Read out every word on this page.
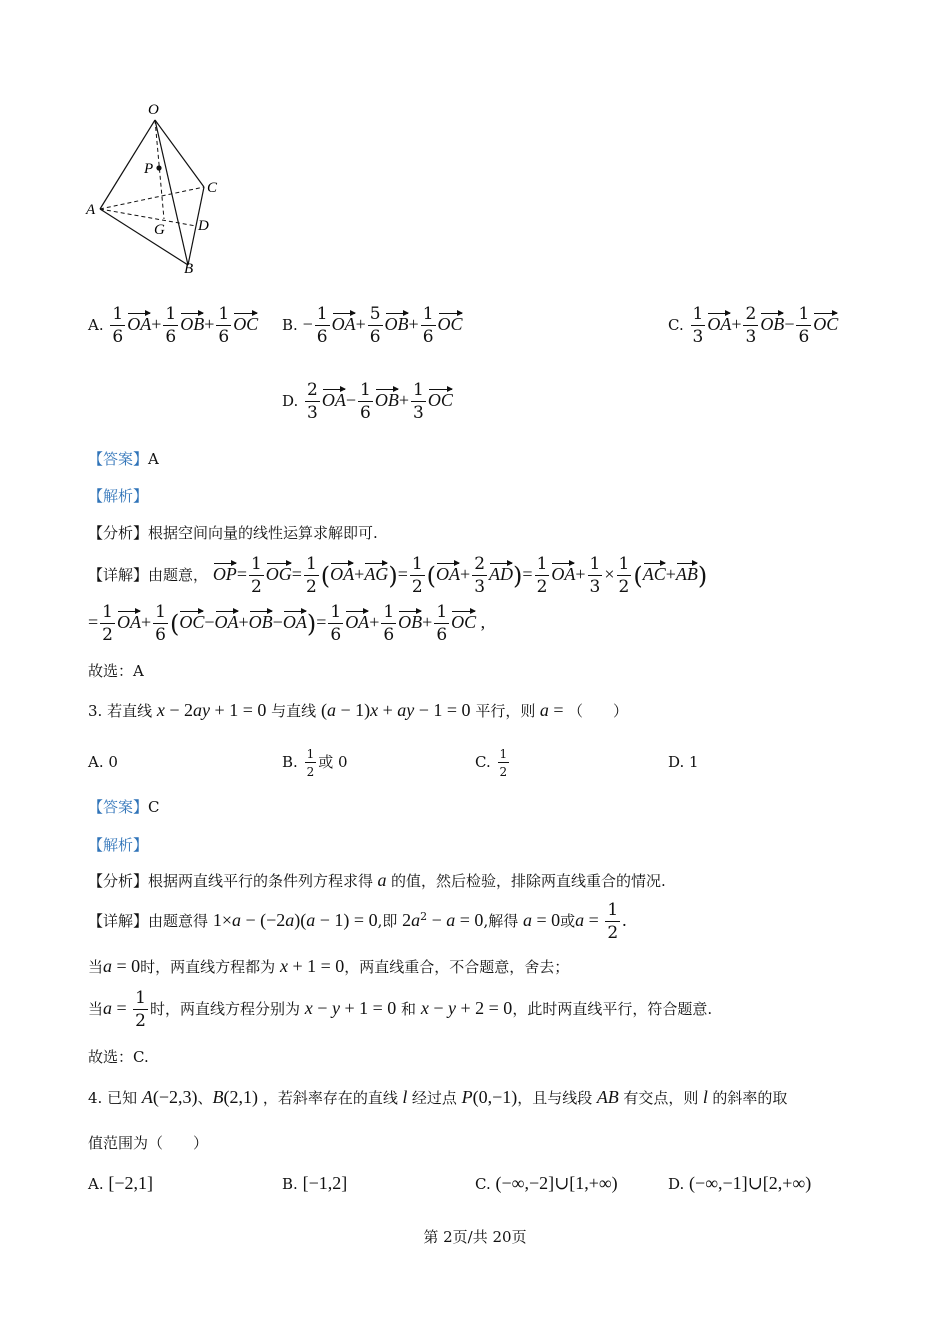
O
P
C
A
G D
B
A. $\frac{1}{6} OA+ \frac{1}{6} OB+ \frac{1}{6}$ OC B. − $\frac{1}{6} OA+ \frac{5}{6} OB+ \frac{1}{6}$ OC	C. $\frac{1}{3} OA+ \frac{2}{3} OB- \frac{1}{6}$ OC
D. $\frac{2}{3} OA- \frac{1}{6} OB+ \frac{1}{3}$ OC
【答案】A
【解析】
【分析】根据空间向量的线性运算求解即可.
【详解】由题意， $OP= \frac{1}{2} OG= \frac{1}{2} (OA+AG)= \frac{1}{2} (OA+ \frac{2}{3} AD)= \frac{1}{2} OA+ \frac{1}{3} \times \frac{1}{2} (AC+AB)$
= $\frac{1}{2} OA+ \frac{1}{6} (OC-OA+OB-OA)= \frac{1}{6} OA+ \frac{1}{6} OB+ \frac{1}{6}$ OC ,
故选：A
3. 若直线 x − 2ay + 1 = 0 与直线 (a − 1)x + ay − 1 = 0 平行，则 a = （　　）
A. 0	B. $\frac{1}{2}$ 或 0	C. $\frac{1}{2}$	D. 1
【答案】C
【解析】
【分析】根据两直线平行的条件列方程求得 a 的值，然后检验，排除两直线重合的情况.
【详解】由题意得 1×a − (−2a)(a − 1) = 0,即 $2a^2 - a = 0$,解得 a = 0或$a = \frac{1}{2}$ .
当a = 0时，两直线方程都为 x + 1 = 0，两直线重合，不合题意，舍去；
当$a = \frac{1}{2}$ 时，两直线方程分别为 x − y + 1 = 0 和 x − y + 2 = 0，此时两直线平行，符合题意.
故选：C.
4. 已知 A(−2,3)、B(2,1) ，若斜率存在的直线 l 经过点 P(0,−1)，且与线段 AB 有交点，则 l 的斜率的取
值范围为（　　）
A. [−2,1]	B. [−1,2]	C. (−∞,−2]∪[1,+∞)	D. (−∞,−1]∪[2,+∞)
第 2页/共 20页
